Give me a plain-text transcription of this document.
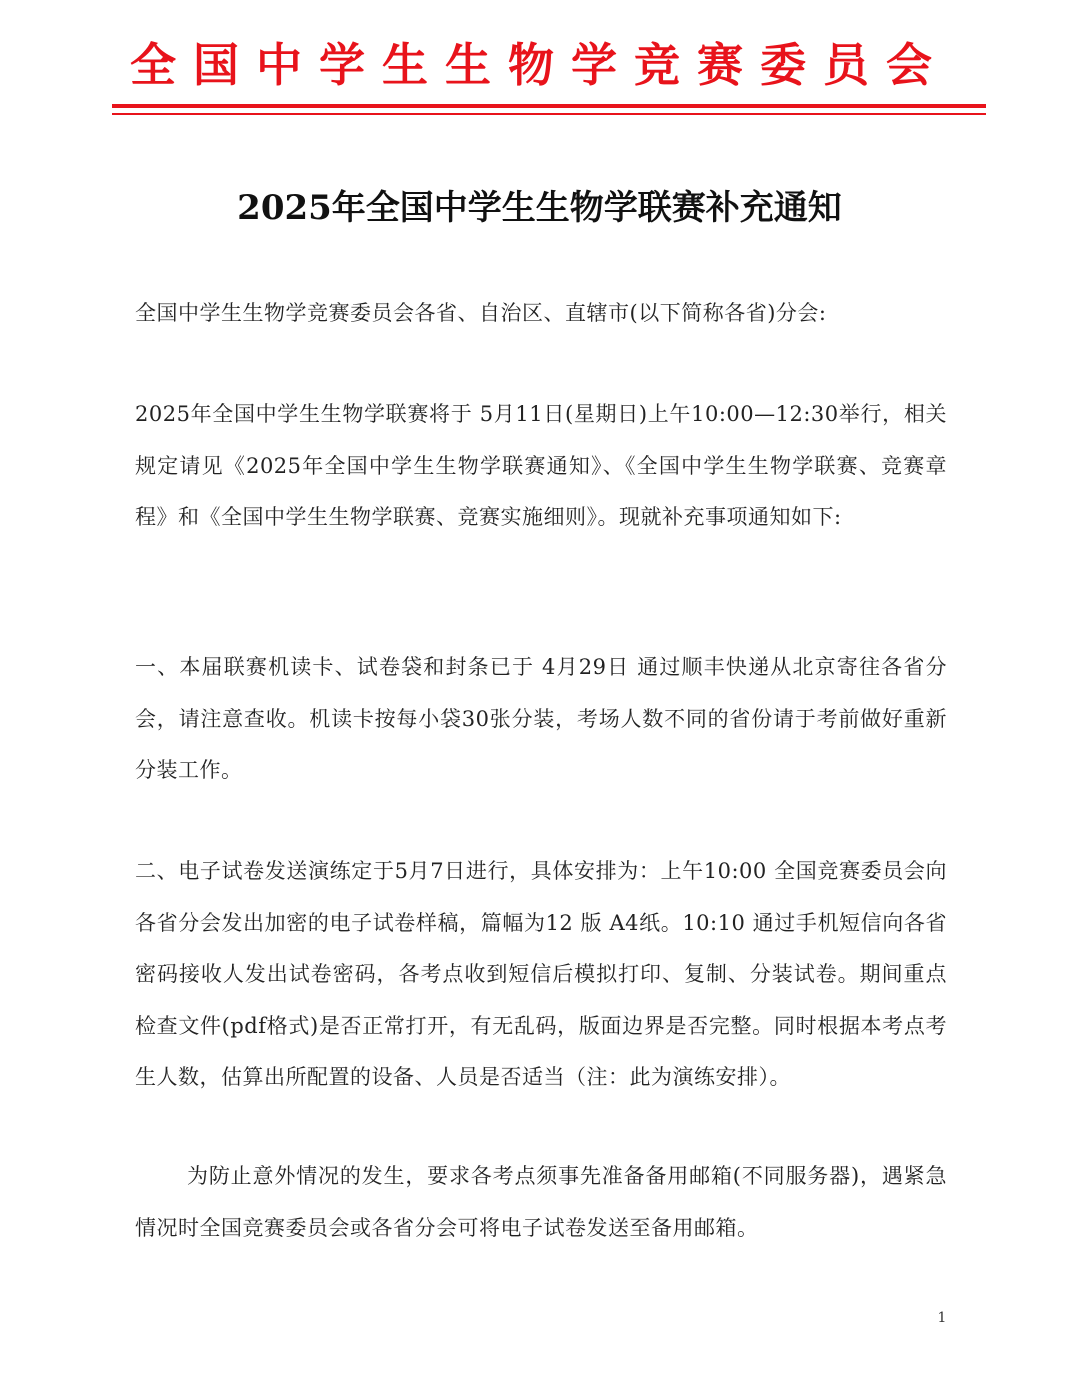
全国中学生生物学竞赛委员会
2025年全国中学生生物学联赛补充通知
全国中学生生物学竞赛委员会各省、自治区、直辖市(以下简称各省)分会:
2025年全国中学生生物学联赛将于 5月11日(星期日)上午10:00—12:30举行，相关规定请见《2025年全国中学生生物学联赛通知》、《全国中学生生物学联赛、竞赛章程》和《全国中学生生物学联赛、竞赛实施细则》。现就补充事项通知如下:
一、本届联赛机读卡、试卷袋和封条已于 4月29日 通过顺丰快递从北京寄往各省分会，请注意查收。机读卡按每小袋30张分装，考场人数不同的省份请于考前做好重新分装工作。
二、电子试卷发送演练定于5月7日进行，具体安排为：上午10:00 全国竞赛委员会向各省分会发出加密的电子试卷样稿，篇幅为12 版 A4纸。10:10 通过手机短信向各省密码接收人发出试卷密码，各考点收到短信后模拟打印、复制、分装试卷。期间重点检查文件(pdf格式)是否正常打开，有无乱码，版面边界是否完整。同时根据本考点考生人数，估算出所配置的设备、人员是否适当（注：此为演练安排）。
为防止意外情况的发生，要求各考点须事先准备备用邮箱(不同服务器)，遇紧急情况时全国竞赛委员会或各省分会可将电子试卷发送至备用邮箱。
1
